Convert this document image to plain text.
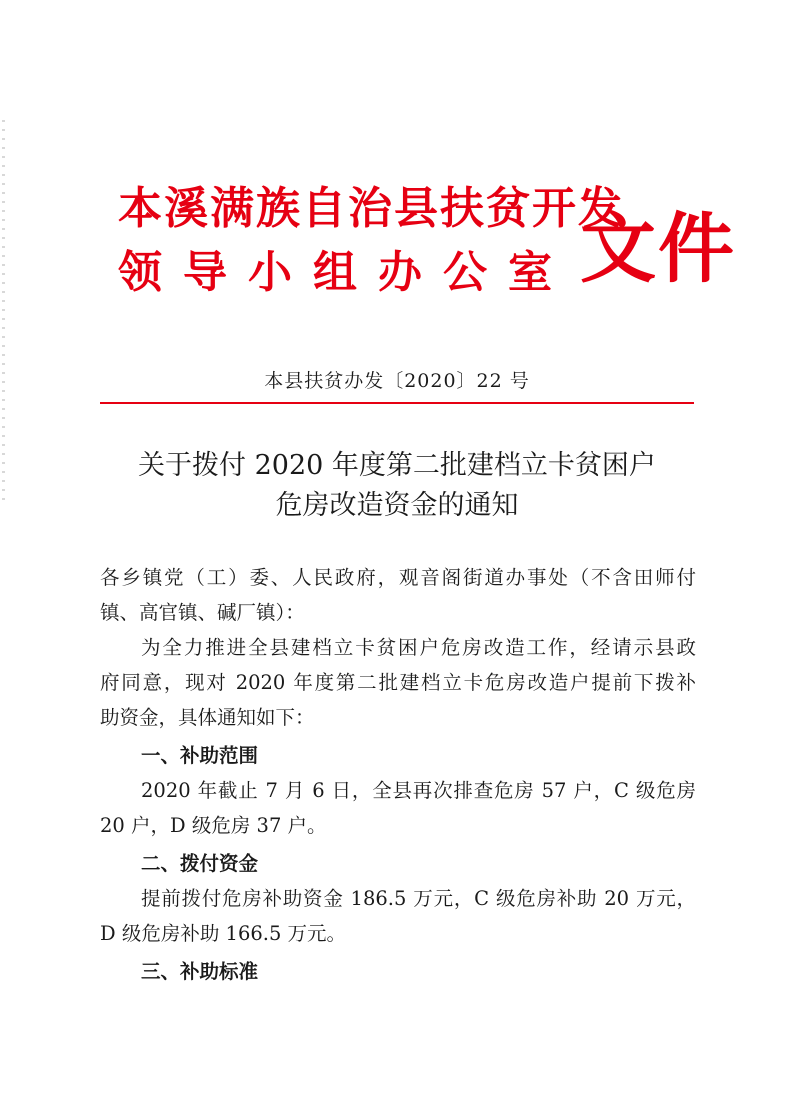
本溪满族自治县扶贫开发
领导小组办公室 文件
本县扶贫办发〔2020〕22 号
关于拨付 2020 年度第二批建档立卡贫困户
危房改造资金的通知
各乡镇党（工）委、人民政府，观音阁街道办事处（不含田师付
镇、高官镇、碱厂镇）：
为全力推进全县建档立卡贫困户危房改造工作，经请示县政
府同意，现对 2020 年度第二批建档立卡危房改造户提前下拨补
助资金，具体通知如下：
一、补助范围
2020 年截止 7 月 6 日，全县再次排查危房 57 户，C 级危房
20 户，D 级危房 37 户。
二、拨付资金
提前拨付危房补助资金 186.5 万元，C 级危房补助 20 万元，
D 级危房补助 166.5 万元。
三、补助标准
